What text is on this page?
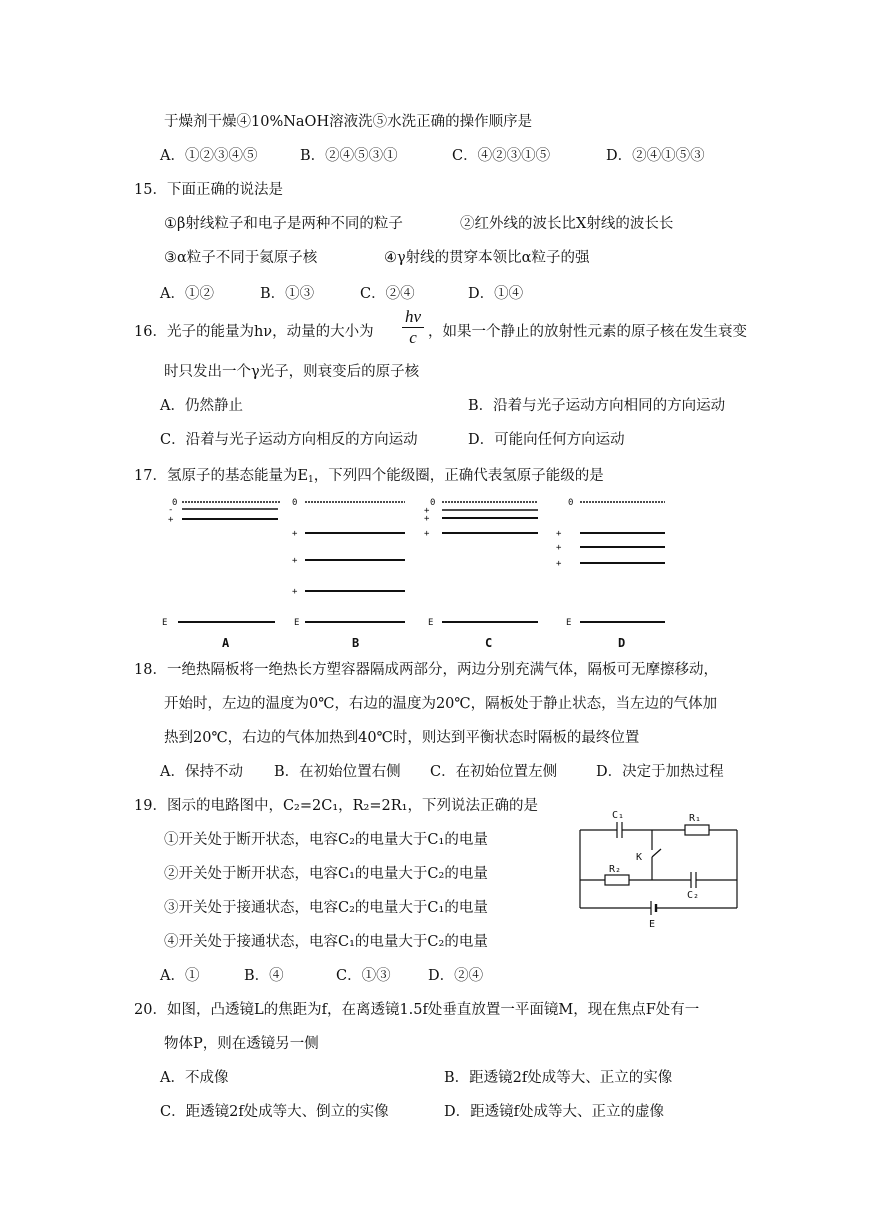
于燥剂干燥④10%NaOH溶液洗⑤水洗正确的操作顺序是
A．①②③④⑤	B．②④⑤③①	C．④②③①⑤	D．②④①⑤③
15．下面正确的说法是
①β射线粒子和电子是两种不同的粒子	②红外线的波长比X射线的波长长
③α粒子不同于氦原子核	④γ射线的贯穿本领比α粒子的强
A．①②	B．①③	C．②④	D．①④
16．光子的能量为hν，动量的大小为
hν
c ，如果一个静止的放射性元素的原子核在发生衰变
时只发出一个γ光子，则衰变后的原子核
A．仍然静止	B．沿着与光子运动方向相同的方向运动
C．沿着与光子运动方向相反的方向运动	D．可能向任何方向运动
17．氢原子的基态能量为$E_1$，下列四个能级圈，正确代表氢原子能级的是
0
-
+
E
0
+
+
+
E
0
+
+
+
E
0
+
+
+
E
A	B	C	D
18．一绝热隔板将一绝热长方塑容器隔成两部分，两边分别充满气体，隔板可无摩擦移动，
开始时，左边的温度为0℃，右边的温度为20℃，隔板处于静止状态，当左边的气体加
热到20℃，右边的气体加热到40℃时，则达到平衡状态时隔板的最终位置
A．保持不动 B．在初始位置右侧 C．在初始位置左侧	D．决定于加热过程
19．图示的电路图中，C₂=2C₁，R₂=2R₁，下列说法正确的是
①开关处于断开状态，电容C₂的电量大于C₁的电量
②开关处于断开状态，电容C₁的电量大于C₂的电量
③开关处于接通状态，电容C₂的电量大于C₁的电量
④开关处于接通状态，电容C₁的电量大于C₂的电量
A．①	B．④	C．①③	D．②④
C₁	R₁
K
R₂
C₂
E
20．如图，凸透镜L的焦距为f，在离透镜1.5f处垂直放置一平面镜M，现在焦点F处有一
物体P，则在透镜另一侧
A．不成像	B．距透镜2f处成等大、正立的实像
C．距透镜2f处成等大、倒立的实像	D．距透镜f处成等大、正立的虚像
